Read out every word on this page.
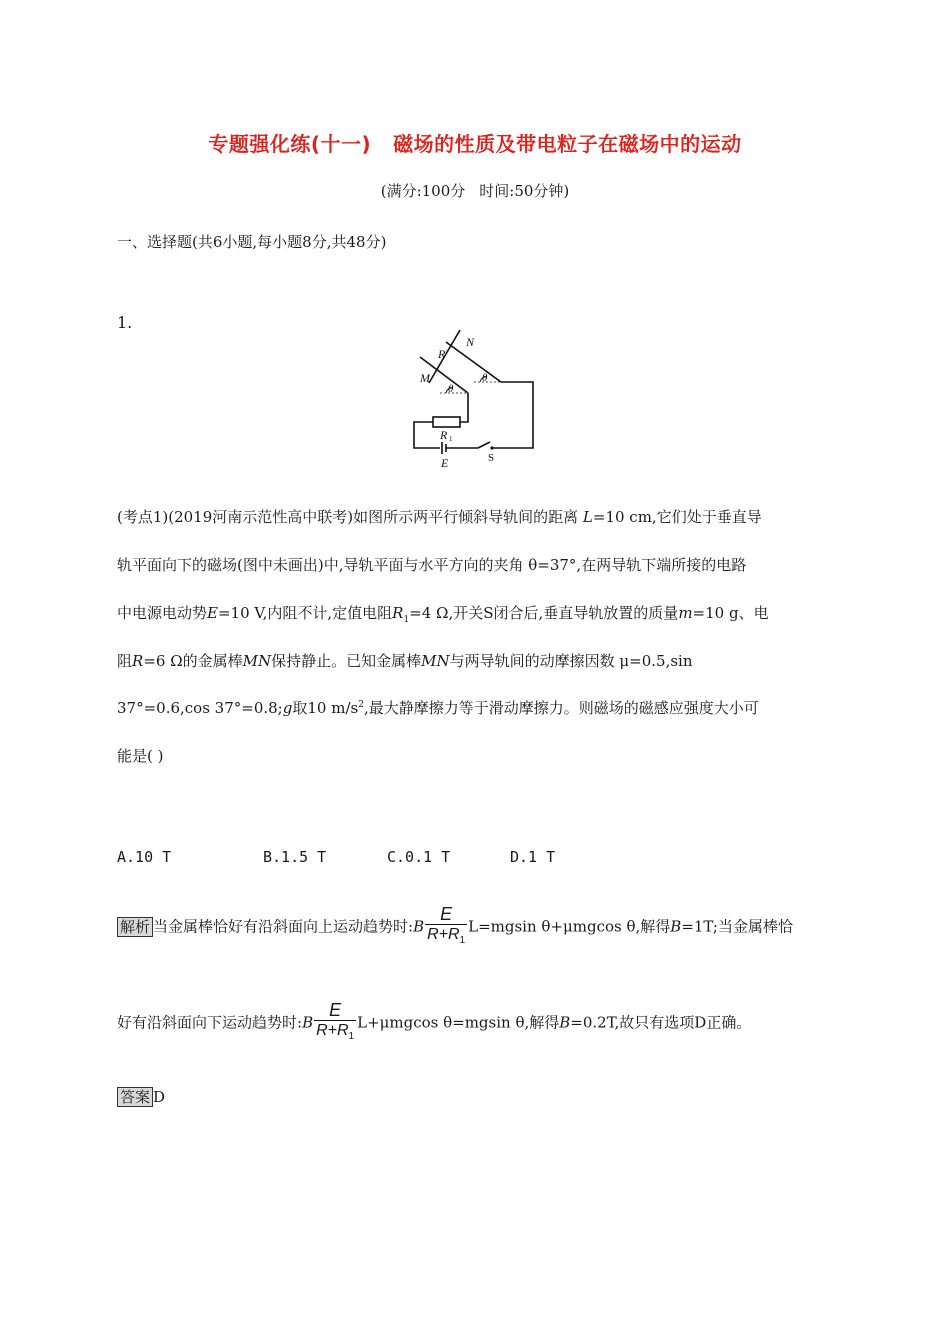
专题强化练(十一) 磁场的性质及带电粒子在磁场中的运动
(满分:100分 时间:50分钟)
一、选择题(共6小题,每小题8分,共48分)
1.
N
R
M	θ
θ
R 1
E	S
(考点1)(2019河南示范性高中联考)如图所示两平行倾斜导轨间的距离 L=10 cm,它们处于垂直导
轨平面向下的磁场(图中未画出)中,导轨平面与水平方向的夹角 θ=37°,在两导轨下端所接的电路
中电源电动势E=10 V,内阻不计,定值电阻$R_1=4$ Ω,开关S闭合后,垂直导轨放置的质量m=10 g、电
阻R=6 Ω的金属棒MN保持静止。已知金属棒MN与两导轨间的动摩擦因数 μ=0.5,sin
37°=0.6,cos 37°=0.8;g取10 $m/s^2$,最大静摩擦力等于滑动摩擦力。则磁场的磁感应强度大小可
能是( )
A.10 T	B.1.5 T	C.0.1 T	D.1 T
解析 当金属棒恰好有沿斜面向上运动趋势时:B $\frac{E}{R+R_1} L=mgsin$ θ+μmgcos θ,解得B=1T;当金属棒恰
好有沿斜面向下运动趋势时:B $\frac{E}{R+R_1} L+\mu mgcos$ θ=mgsin θ,解得B=0.2T,故只有选项D正确。
答案 D
